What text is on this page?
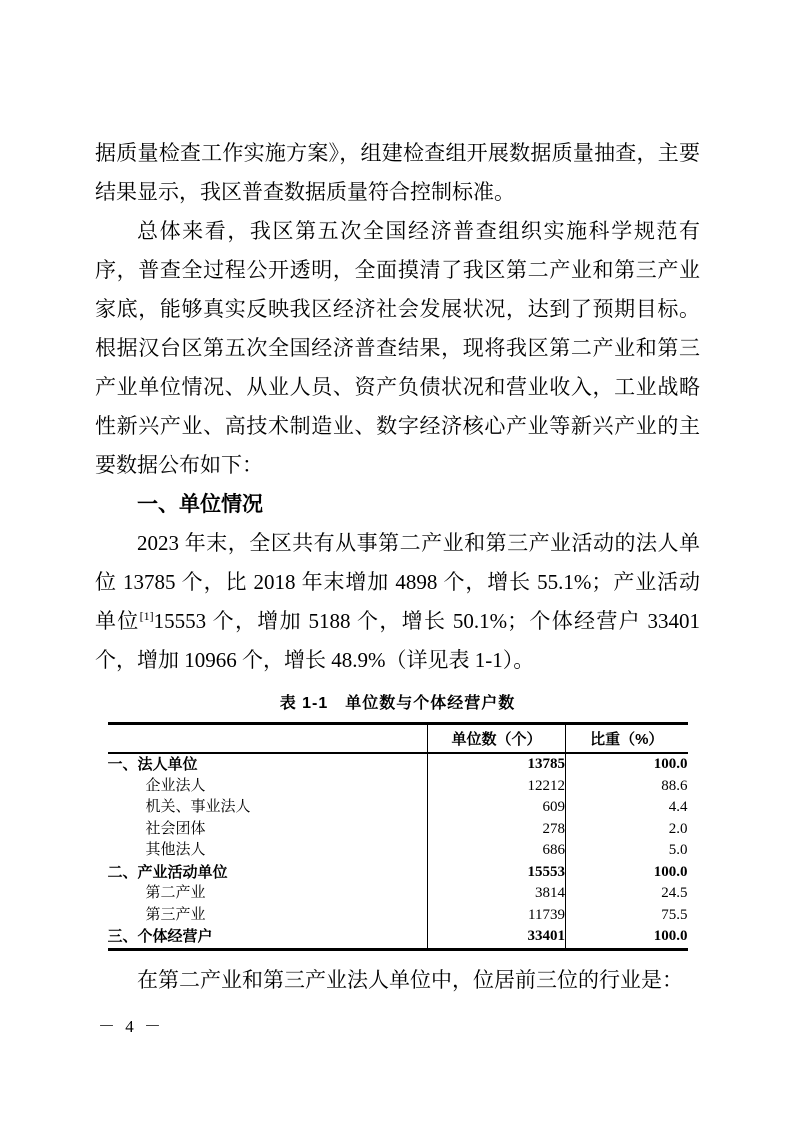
据质量检查工作实施方案》，组建检查组开展数据质量抽查，主要结果显示，我区普查数据质量符合控制标准。

总体来看，我区第五次全国经济普查组织实施科学规范有序，普查全过程公开透明，全面摸清了我区第二产业和第三产业家底，能够真实反映我区经济社会发展状况，达到了预期目标。根据汉台区第五次全国经济普查结果，现将我区第二产业和第三产业单位情况、从业人员、资产负债状况和营业收入，工业战略性新兴产业、高技术制造业、数字经济核心产业等新兴产业的主要数据公布如下：

一、单位情况

2023 年末，全区共有从事第二产业和第三产业活动的法人单位 13785 个，比 2018 年末增加 4898 个，增长 55.1%；产业活动单位[1]15553 个，增加 5188 个，增长 50.1%；个体经营户 33401 个，增加 10966 个，增长 48.9%（详见表 1-1）。

表 1-1　单位数与个体经营户数
	单位数（个）	比重（%）
一、法人单位	13785	100.0
企业法人	12212	88.6
机关、事业法人	609	4.4
社会团体	278	2.0
其他法人	686	5.0
二、产业活动单位	15553	100.0
第二产业	3814	24.5
第三产业	11739	75.5
三、个体经营户	33401	100.0

在第二产业和第三产业法人单位中，位居前三位的行业是：

－ 4 －
